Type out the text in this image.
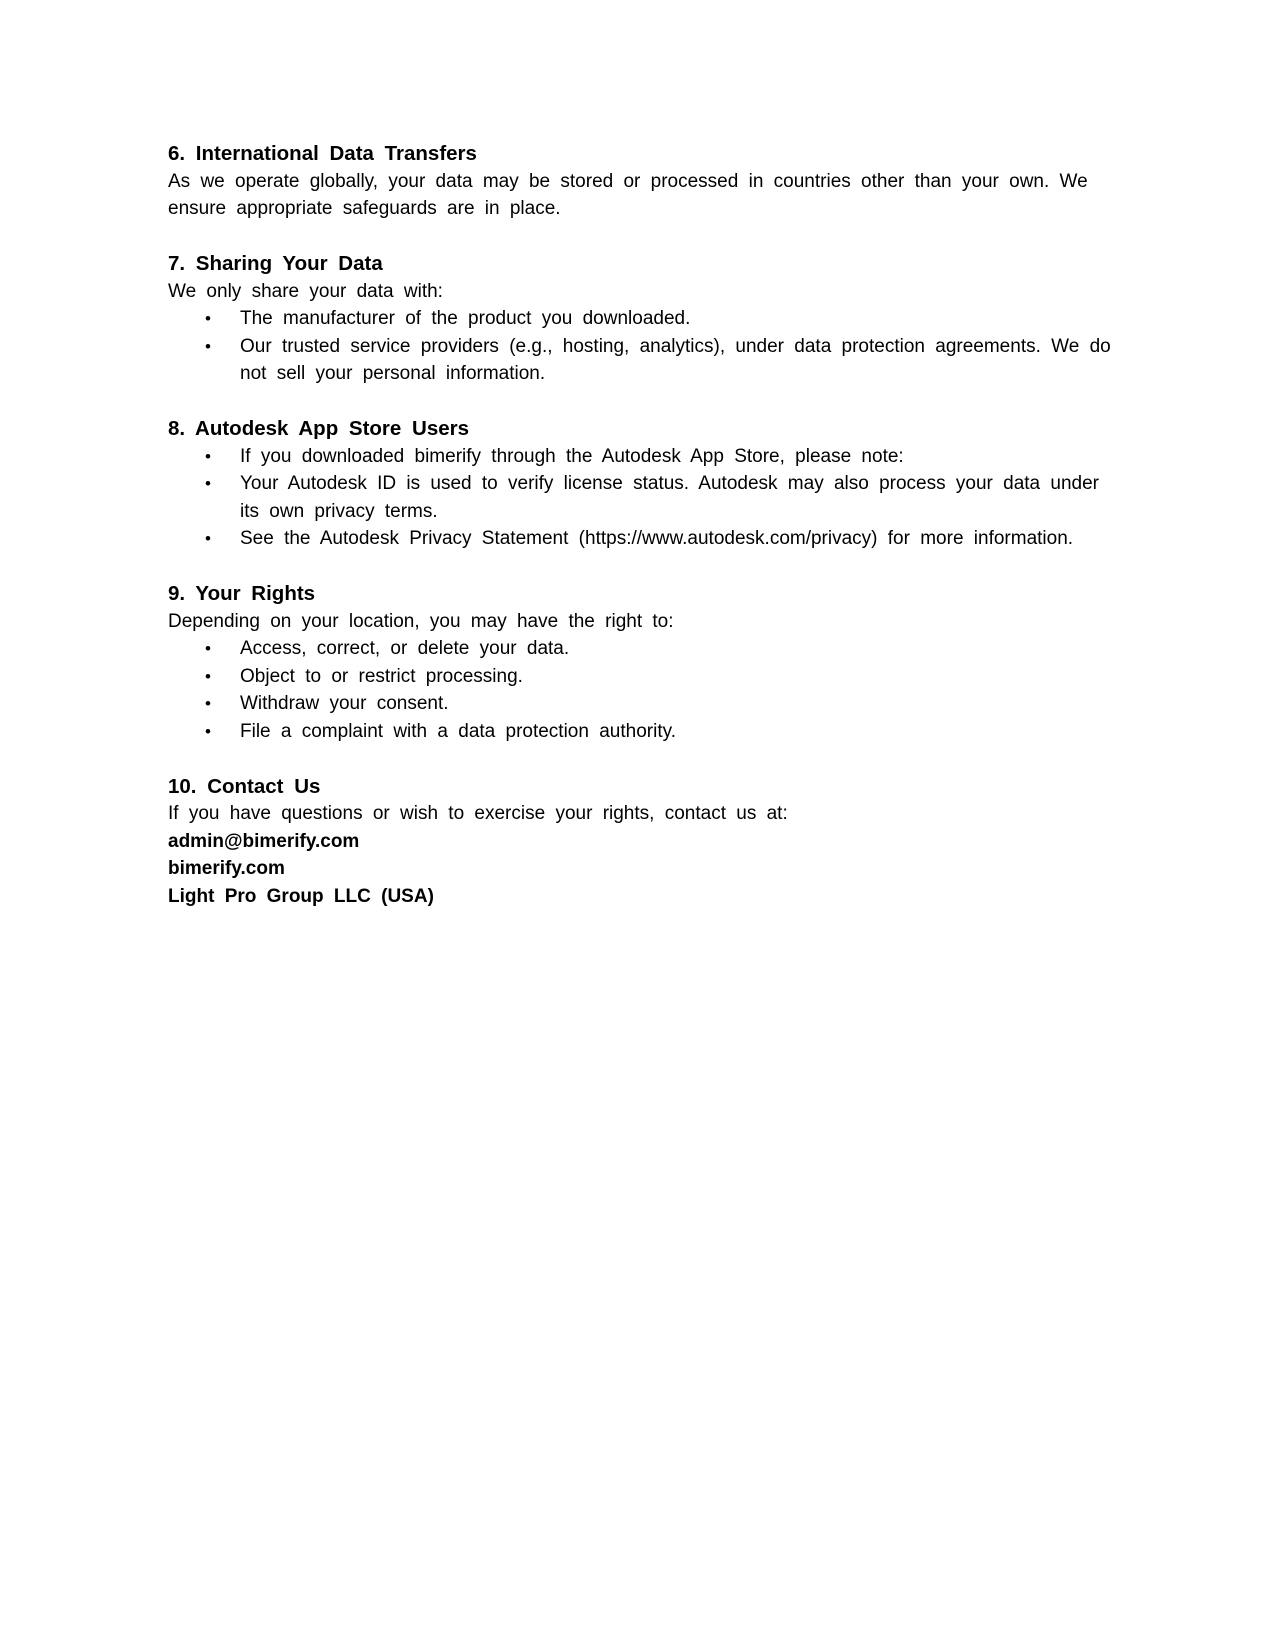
6. International Data Transfers

As we operate globally, your data may be stored or processed in countries other than your own. We ensure appropriate safeguards are in place.

7. Sharing Your Data

We only share your data with:

•	The manufacturer of the product you downloaded.
•	Our trusted service providers (e.g., hosting, analytics), under data protection agreements. We do not sell your personal information.
8. Autodesk App Store Users
•	If you downloaded bimerify through the Autodesk App Store, please note:
•	Your Autodesk ID is used to verify license status. Autodesk may also process your data under its own privacy terms.
•	See the Autodesk Privacy Statement (https://www.autodesk.com/privacy) for more information.
9. Your Rights

Depending on your location, you may have the right to:

•	Access, correct, or delete your data.
•	Object to or restrict processing.
•	Withdraw your consent.
•	File a complaint with a data protection authority.
10. Contact Us

If you have questions or wish to exercise your rights, contact us at:

admin@bimerify.com

bimerify.com

Light Pro Group LLC (USA)
